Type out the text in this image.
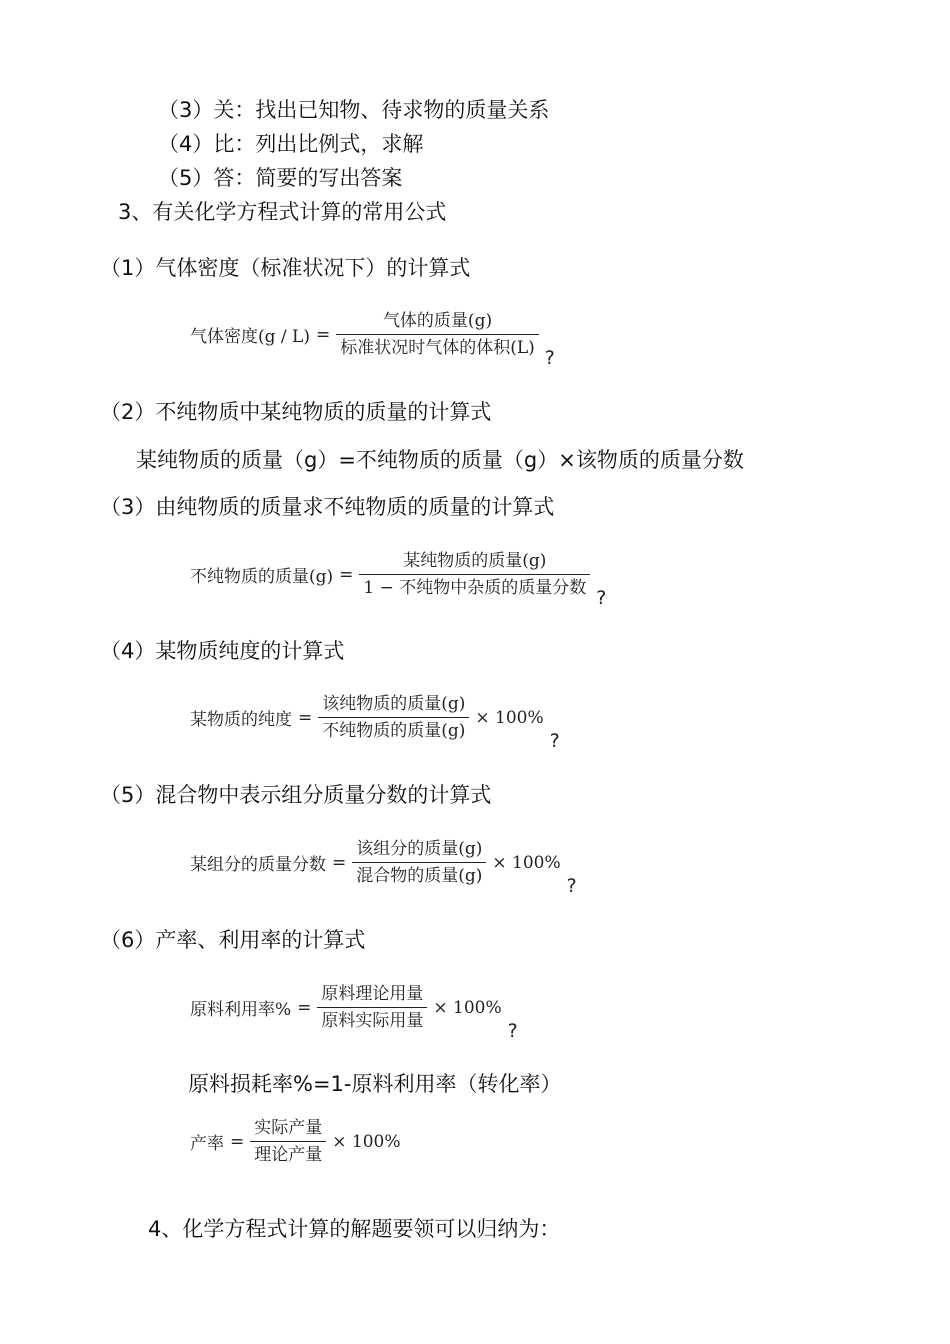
（3）关：找出已知物、待求物的质量关系
（4）比：列出比例式，求解
（5）答：简要的写出答案
3、有关化学方程式计算的常用公式
（1）气体密度（标准状况下）的计算式
气体密度$(g / L) = \frac{\text{气体的质量(g)}}{\text{标准状况时气体的体积(L)}}$ ?
（2）不纯物质中某纯物质的质量的计算式
某纯物质的质量（g）=不纯物质的质量（g）×该物质的质量分数
（3）由纯物质的质量求不纯物质的质量的计算式
不纯物质的质量$(g) = \frac{\text{某纯物质的质量(g)}}{\text{1 − 不纯物中杂质的质量分数}}$ ?
（4）某物质纯度的计算式
某物质的纯度 = $\frac{\text{该纯物质的质量(g)}}{\text{不纯物质的质量(g)}} \times 100\%$
?
（5）混合物中表示组分质量分数的计算式
某组分的质量分数 = $\frac{\text{该组分的质量(g)}}{\text{混合物的质量(g)}} \times 100\%$
?
（6）产率、利用率的计算式
原料利用率% = $\frac{\text{原料理论用量}}{\text{原料实际用量}} \times 100\%$
?
原料损耗率%=1-原料利用率（转化率）
产率 = $\frac{\text{实际产量}}{\text{理论产量}} \times 100\%$
4、化学方程式计算的解题要领可以归纳为：
